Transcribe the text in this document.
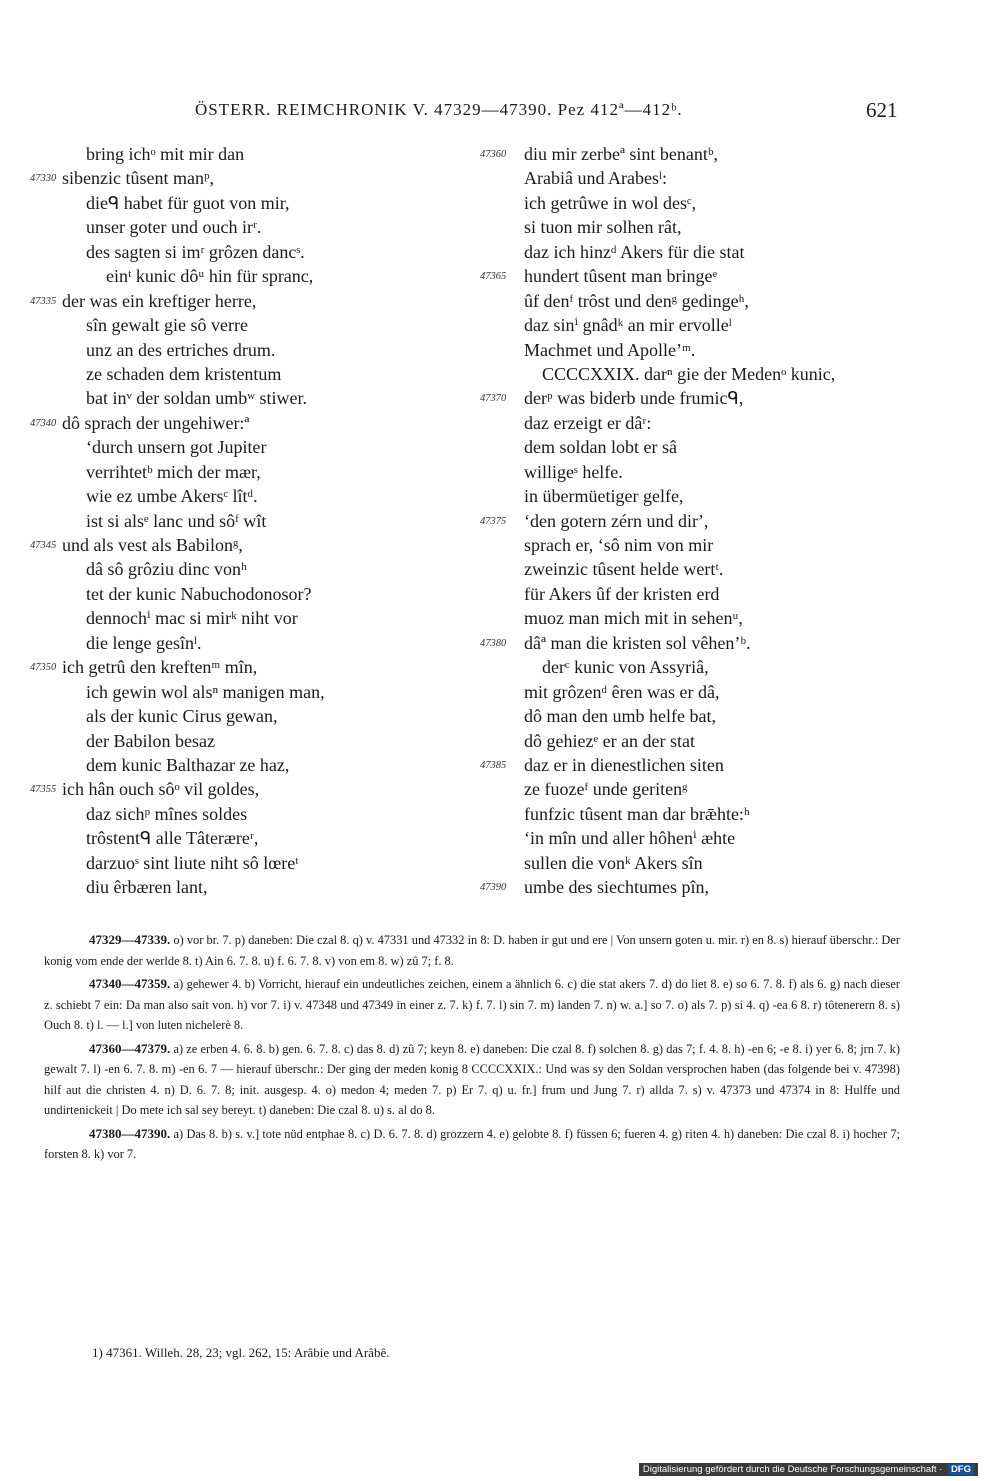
ÖSTERR. REIMCHRONIK V. 47329—47390. Pez 412ª—412ᵇ.	621
bring ichᵒ mit mir dan
47330 sibenzic tûsent manᵖ,
dieᑫ habet für guot von mir,
unser goter und ouch irʳ.
des sagten si imʳ grôzen dancˢ.
einᵗ kunic dôᵘ hin für spranc,
47335 der was ein kreftiger herre,
sîn gewalt gie sô verre
unz an des ertriches drum.
ze schaden dem kristentum
bat inᵛ der soldan umbʷ stiwer.
47340 dô sprach der ungehiwer:ª
ʻdurch unsern got Jupiter
verrihtetᵇ mich der mær,
wie ez umbe Akersᶜ lîtᵈ.
ist si alsᵉ lanc und sôᶠ wît
47345 und als vest als Babilonᵍ,
dâ sô grôziu dinc vonʰ
tet der kunic Nabuchodonosor?
dennochⁱ mac si mirᵏ niht vor
die lenge gesînˡ.
47350 ich getrû den kreftenᵐ mîn,
ich gewin wol alsⁿ manigen man,
als der kunic Cirus gewan,
der Babilon besaz
dem kunic Balthazar ze haz,
47355 ich hân ouch sôᵒ vil goldes,
daz sichᵖ mînes soldes
trôstentᑫ alle Tâteræreʳ,
darzuoˢ sint liute niht sô lœreᵗ
diu êrbæren lant,
47360 diu mir zerbeª sint benantᵇ,
Arabiâ und Arabesˡ:
ich getrûwe in wol desᶜ,
si tuon mir solhen rât,
daz ich hinzᵈ Akers für die stat
47365 hundert tûsent man bringeᵉ
ûf denᶠ trôst und denᵍ gedingeʰ,
daz sinⁱ gnâdᵏ an mir ervolleˡ
Machmet und Apolleʼᵐ.
CCCCXXIX. darⁿ gie der Medenᵒ kunic,
47370 derᵖ was biderb unde frumicᑫ,
daz erzeigt er dâʳ:
dem soldan lobt er sâ
willigeˢ helfe.
in übermüetiger gelfe,
47375 ʻden gotern zérn und dirʼ,
sprach er, ʻsô nim von mir
zweinzic tûsent helde wertᵗ.
für Akers ûf der kristen erd
muoz man mich mit in sehenᵘ,
47380 dâª man die kristen sol vêhenʼᵇ.
derᶜ kunic von Assyriâ,
mit grôzenᵈ êren was er dâ,
dô man den umb helfe bat,
dô gehiezᵉ er an der stat
47385 daz er in dienestlichen siten
ze fuozeᶠ unde geritenᵍ
funfzic tûsent man dar brǣhte:ʰ
ʻin mîn und aller hôhenⁱ æhte
sullen die vonᵏ Akers sîn
47390 umbe des siechtumes pîn,

47329—47339. o) vor br. 7. p) daneben: Die czal 8. q) v. 47331 und 47332 in 8: D. haben ir gut und ere | Von unsern goten u. mir. r) en 8. s) hierauf überschr.: Der konig vom ende der werlde 8. t) Ain 6. 7. 8. u) f. 6. 7. 8. v) von em 8. w) zû 7; f. 8.

47340—47359. a) gehewer 4. b) Vorricht, hierauf ein undeutliches zeichen, einem a ähnlich 6. c) die stat akers 7. d) do liet 8. e) so 6. 7. 8. f) als 6. g) nach dieser z. schiebt 7 ein: Da man also sait von. h) vor 7. i) v. 47348 und 47349 in einer z. 7. k) f. 7. l) sin 7. m) landen 7. n) w. a.] so 7. o) als 7. p) si 4. q) -ea 6 8. r) tôtenerern 8. s) Ouch 8. t) l. — l.] von luten nichelerè 8.

47360—47379. a) ze erben 4. 6. 8. b) gen. 6. 7. 8. c) das 8. d) zû 7; keyn 8. e) daneben: Die czal 8. f) solchen 8. g) das 7; f. 4. 8. h) -en 6; -e 8. i) yer 6. 8; jrn 7. k) gewalt 7. l) -en 6. 7. 8. m) -en 6. 7 — hierauf überschr.: Der ging der meden konig 8 CCCCXXIX.: Und was sy den Soldan versprochen haben (das folgende bei v. 47398) hilf aut die christen 4. n) D. 6. 7. 8; init. ausgesp. 4. o) medon 4; meden 7. p) Er 7. q) u. fr.] frum und Jung 7. r) allda 7. s) v. 47373 und 47374 in 8: Hulffe und undirtenickeit | Do mete ich sal sey bereyt. t) daneben: Die czal 8. u) s. al do 8.

47380—47390. a) Das 8. b) s. v.] tote nüd entphae 8. c) D. 6. 7. 8. d) grozzern 4. e) gelobte 8. f) füssen 6; fueren 4. g) riten 4. h) daneben: Die czal 8. i) hocher 7; forsten 8. k) vor 7.

1) 47361. Willeh. 28, 23; vgl. 262, 15: Arâbie und Arâbê.
Digitalisierung gefördert durch die Deutsche Forschungsgemeinschaft · DFG
